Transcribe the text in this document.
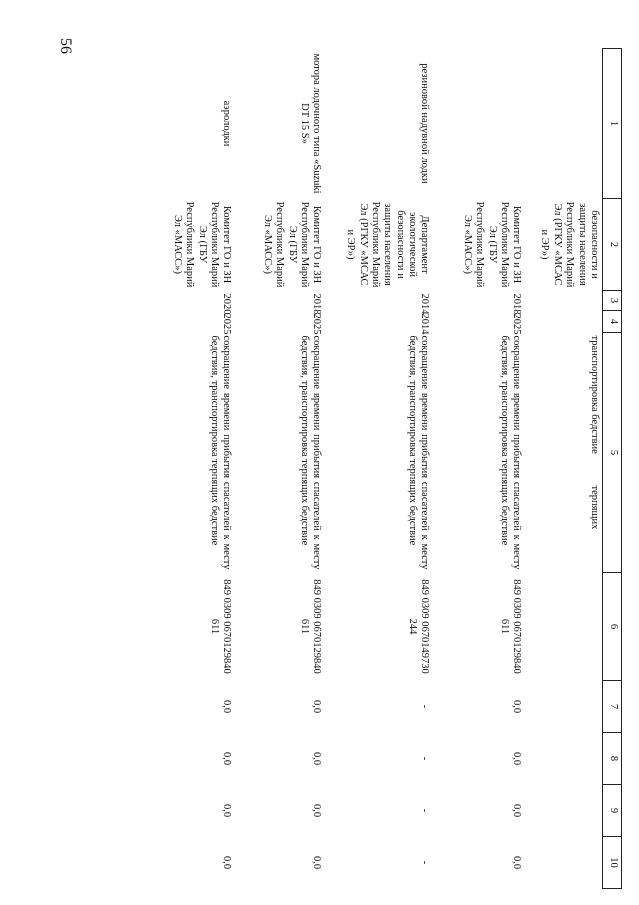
56
1	2	3	4	5		6	7	8	9	10
	безопасности и защиты населения Республики Марий Эл (РГКУ «МСАС и ЭР»)			транспортировка бедствие	терпящих					
	Комитет ГО и ЗН Республики Марий Эл (ГБУ Республики Марий Эл «МАСС»)	2018	2025	сокращение времени прибытия спасателей к месту бедствия, транспортировка терпящих бедствие		849 0309 0670129840 611	0,0	0,0	0,0	0,0
резиновой надувной лодки	Департамент экологической безопасности и защиты населения Республики Марий Эл (РГКУ «МСАС и ЭР»)	2014	2014	сокращение времени прибытия спасателей к месту бедствия, транспортировка терпящих бедствие		849 0309 0670149730 244	-	-	-	-
мотора лодочного типа «Suzuki DT 15 S»	Комитет ГО и ЗН Республики Марий Эл (ГБУ Республики Марий Эл «МАСС»)	2018	2025	сокращение времени прибытия спасателей к месту бедствия, транспортировка терпящих бедствие		849 0309 0670129840 611	0,0	0,0	0,0	0,0
аэролодки	Комитет ГО и ЗН Республики Марий Эл (ГБУ Республики Марий Эл «МАСС»)	2020	2025	сокращение времени прибытия спасателей к месту бедствия, транспортировка терпящих бедствие		849 0309 0670129840 611	0,0	0,0	0,0	0,0
